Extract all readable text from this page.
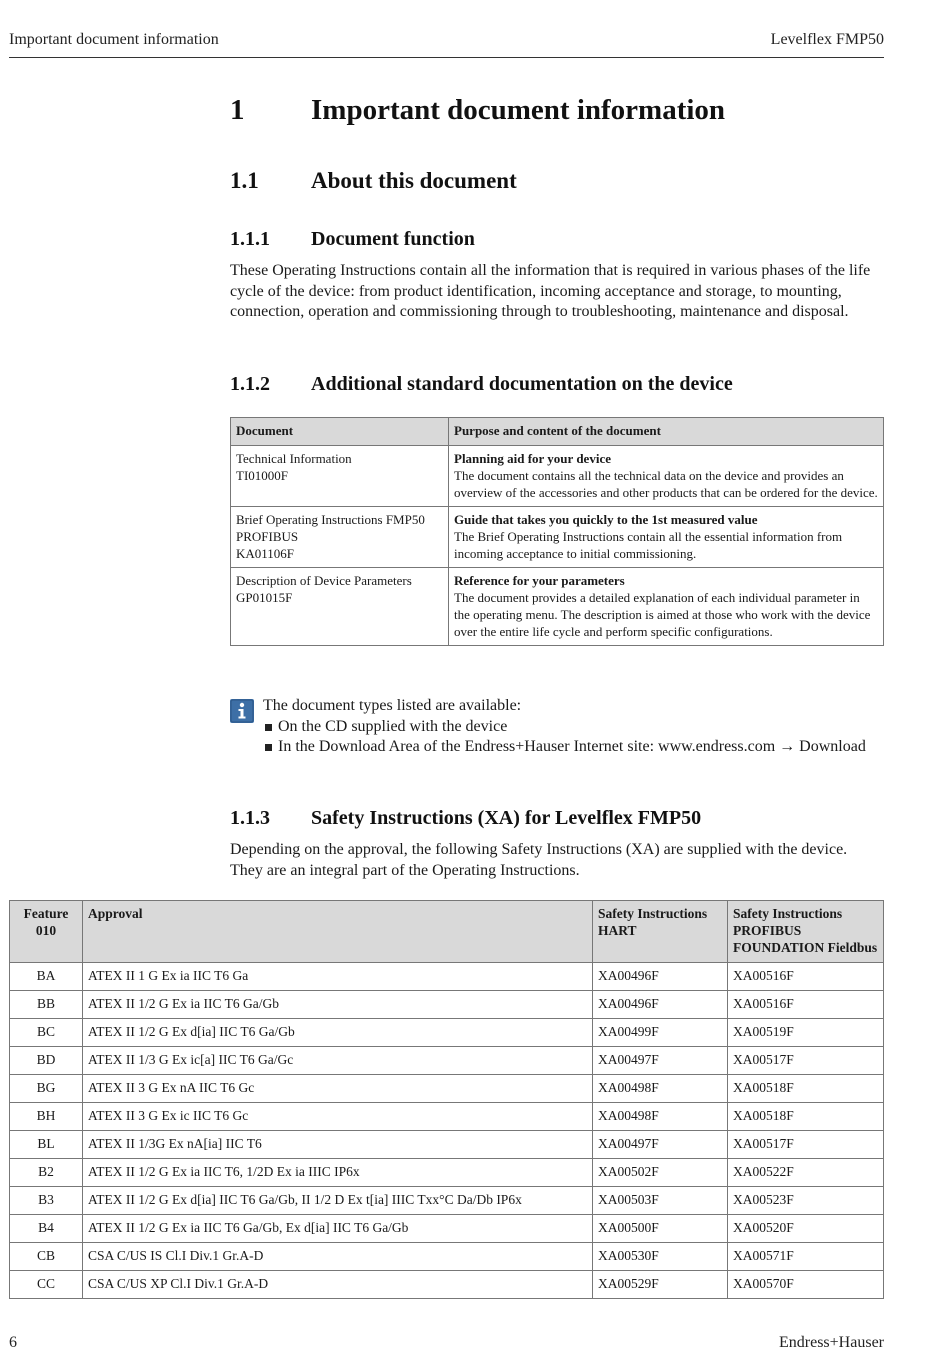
Important document information	Levelflex FMP50
1 Important document information
1.1 About this document
1.1.1 Document function
These Operating Instructions contain all the information that is required in various phases of the life cycle of the device: from product identification, incoming acceptance and storage, to mounting, connection, operation and commissioning through to troubleshooting, maintenance and disposal.
1.1.2 Additional standard documentation on the device
Document	Purpose and content of the document

Technical Information
TI01000F	Planning aid for your device
The document contains all the technical data on the device and provides an overview of the accessories and other products that can be ordered for the device.

Brief Operating Instructions FMP50
PROFIBUS
KA01106F	Guide that takes you quickly to the 1st measured value
The Brief Operating Instructions contain all the essential information from incoming acceptance to initial commissioning.

Description of Device Parameters
GP01015F	Reference for your parameters
The document provides a detailed explanation of each individual parameter in the operating menu. The description is aimed at those who work with the device over the entire life cycle and perform specific configurations.
The document types listed are available:
On the CD supplied with the device
In the Download Area of the Endress+Hauser Internet site: www.endress.com → Download
1.1.3 Safety Instructions (XA) for Levelflex FMP50
Depending on the approval, the following Safety Instructions (XA) are supplied with the device. They are an integral part of the Operating Instructions.
Feature
010	Approval	Safety Instructions
HART	Safety Instructions
PROFIBUS
FOUNDATION Fieldbus

BA	ATEX II 1 G Ex ia IIC T6 Ga	XA00496F	XA00516F
BB	ATEX II 1/2 G Ex ia IIC T6 Ga/Gb	XA00496F	XA00516F
BC	ATEX II 1/2 G Ex d[ia] IIC T6 Ga/Gb	XA00499F	XA00519F
BD	ATEX II 1/3 G Ex ic[a] IIC T6 Ga/Gc	XA00497F	XA00517F
BG	ATEX II 3 G Ex nA IIC T6 Gc	XA00498F	XA00518F
BH	ATEX II 3 G Ex ic IIC T6 Gc	XA00498F	XA00518F
BL	ATEX II 1/3G Ex nA[ia] IIC T6	XA00497F	XA00517F
B2	ATEX II 1/2 G Ex ia IIC T6, 1/2D Ex ia IIIC IP6x	XA00502F	XA00522F
B3	ATEX II 1/2 G Ex d[ia] IIC T6 Ga/Gb, II 1/2 D Ex t[ia] IIIC Txx°C Da/Db IP6x	XA00503F	XA00523F
B4	ATEX II 1/2 G Ex ia IIC T6 Ga/Gb, Ex d[ia] IIC T6 Ga/Gb	XA00500F	XA00520F
CB	CSA C/US IS Cl.I Div.1 Gr.A-D	XA00530F	XA00571F
CC	CSA C/US XP Cl.I Div.1 Gr.A-D	XA00529F	XA00570F
6	Endress+Hauser
